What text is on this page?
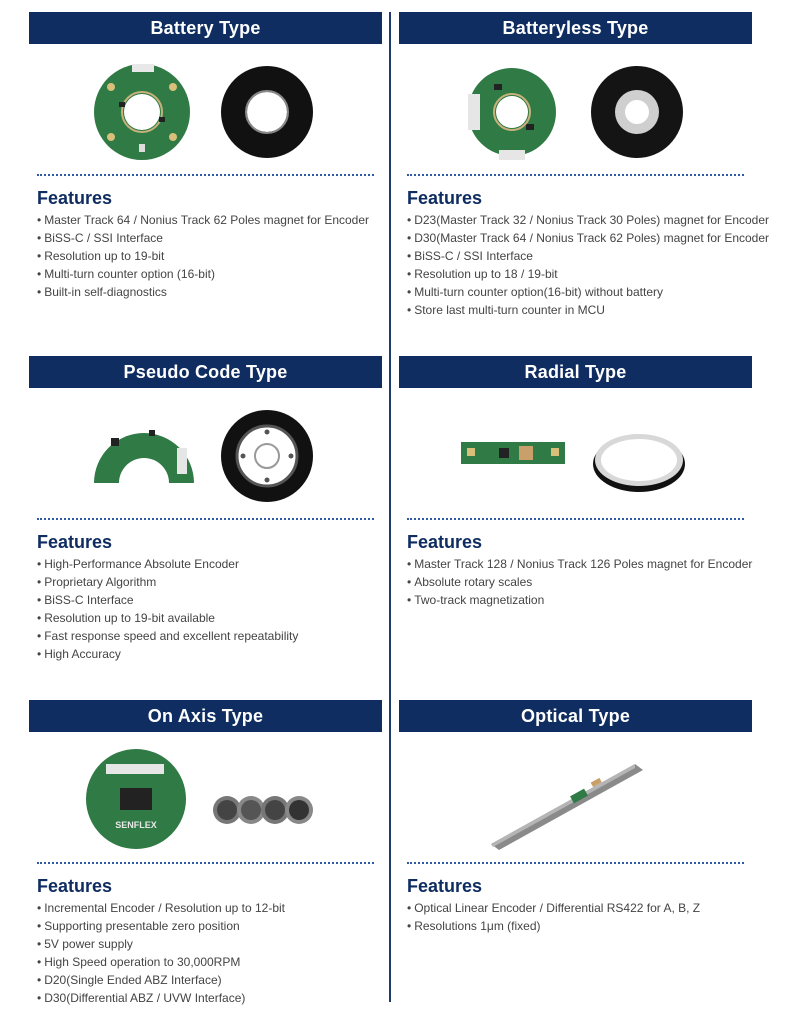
Battery Type
Features
• Master Track 64 / Nonius Track 62 Poles magnet for Encoder
• BiSS-C / SSI Interface
• Resolution up to 19-bit
• Multi-turn counter option (16-bit)
• Built-in self-diagnostics
Batteryless Type
Features
• D23(Master Track 32 / Nonius Track 30 Poles) magnet for Encoder
• D30(Master Track 64 / Nonius Track 62 Poles) magnet for Encoder
• BiSS-C / SSI Interface
• Resolution up to 18 / 19-bit
• Multi-turn counter option(16-bit) without battery
• Store last multi-turn counter in MCU
Pseudo Code Type
Features
• High-Performance Absolute Encoder
• Proprietary Algorithm
• BiSS-C Interface
• Resolution up to 19-bit available
• Fast response speed and excellent repeatability
• High Accuracy
Radial Type
Features
• Master Track 128 / Nonius Track 126 Poles magnet for Encoder
• Absolute rotary scales
• Two-track magnetization
On Axis Type
SENFLEX
Features
• Incremental Encoder / Resolution up to 12-bit
• Supporting presentable zero position
• 5V power supply
• High Speed operation to 30,000RPM
• D20(Single Ended ABZ Interface)
• D30(Differential ABZ / UVW Interface)
Optical Type
Features
• Optical Linear Encoder / Differential RS422 for A, B, Z
• Resolutions 1μm (fixed)
